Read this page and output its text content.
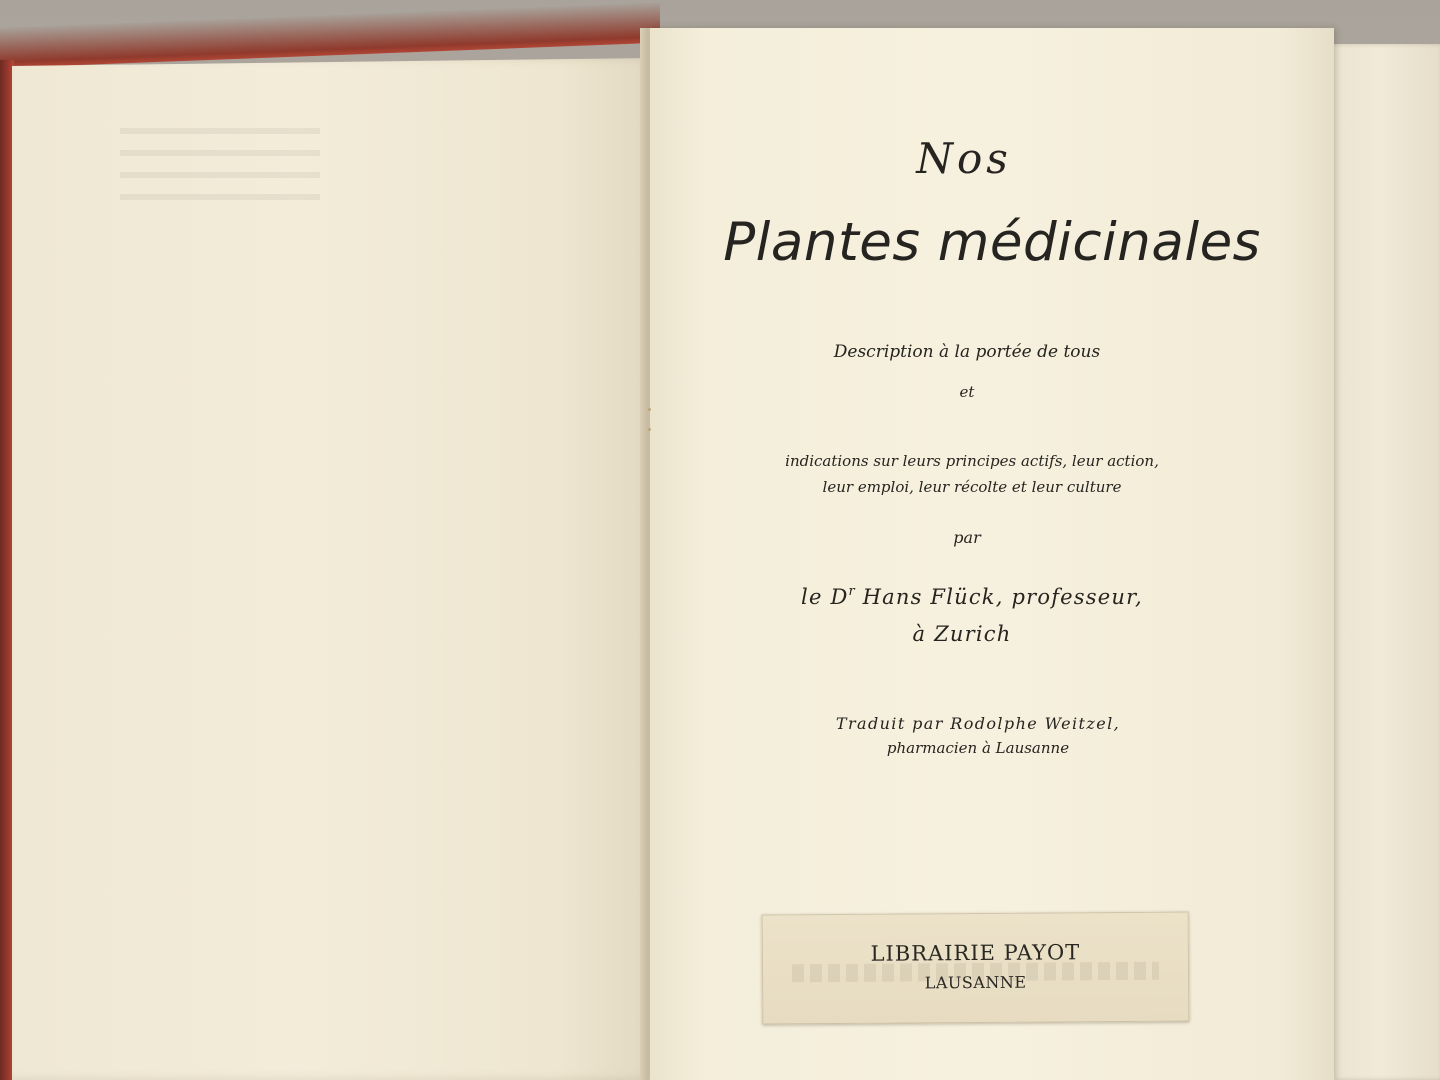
Nos
Plantes médicinales
Description à la portée de tous
et
indications sur leurs principes actifs, leur action,
leur emploi, leur récolte et leur culture
par
le $D^r$ Hans Flück, professeur,
à Zurich
Traduit par Rodolphe Weitzel,
pharmacien à Lausanne
LIBRAIRIE PAYOT
LAUSANNE
